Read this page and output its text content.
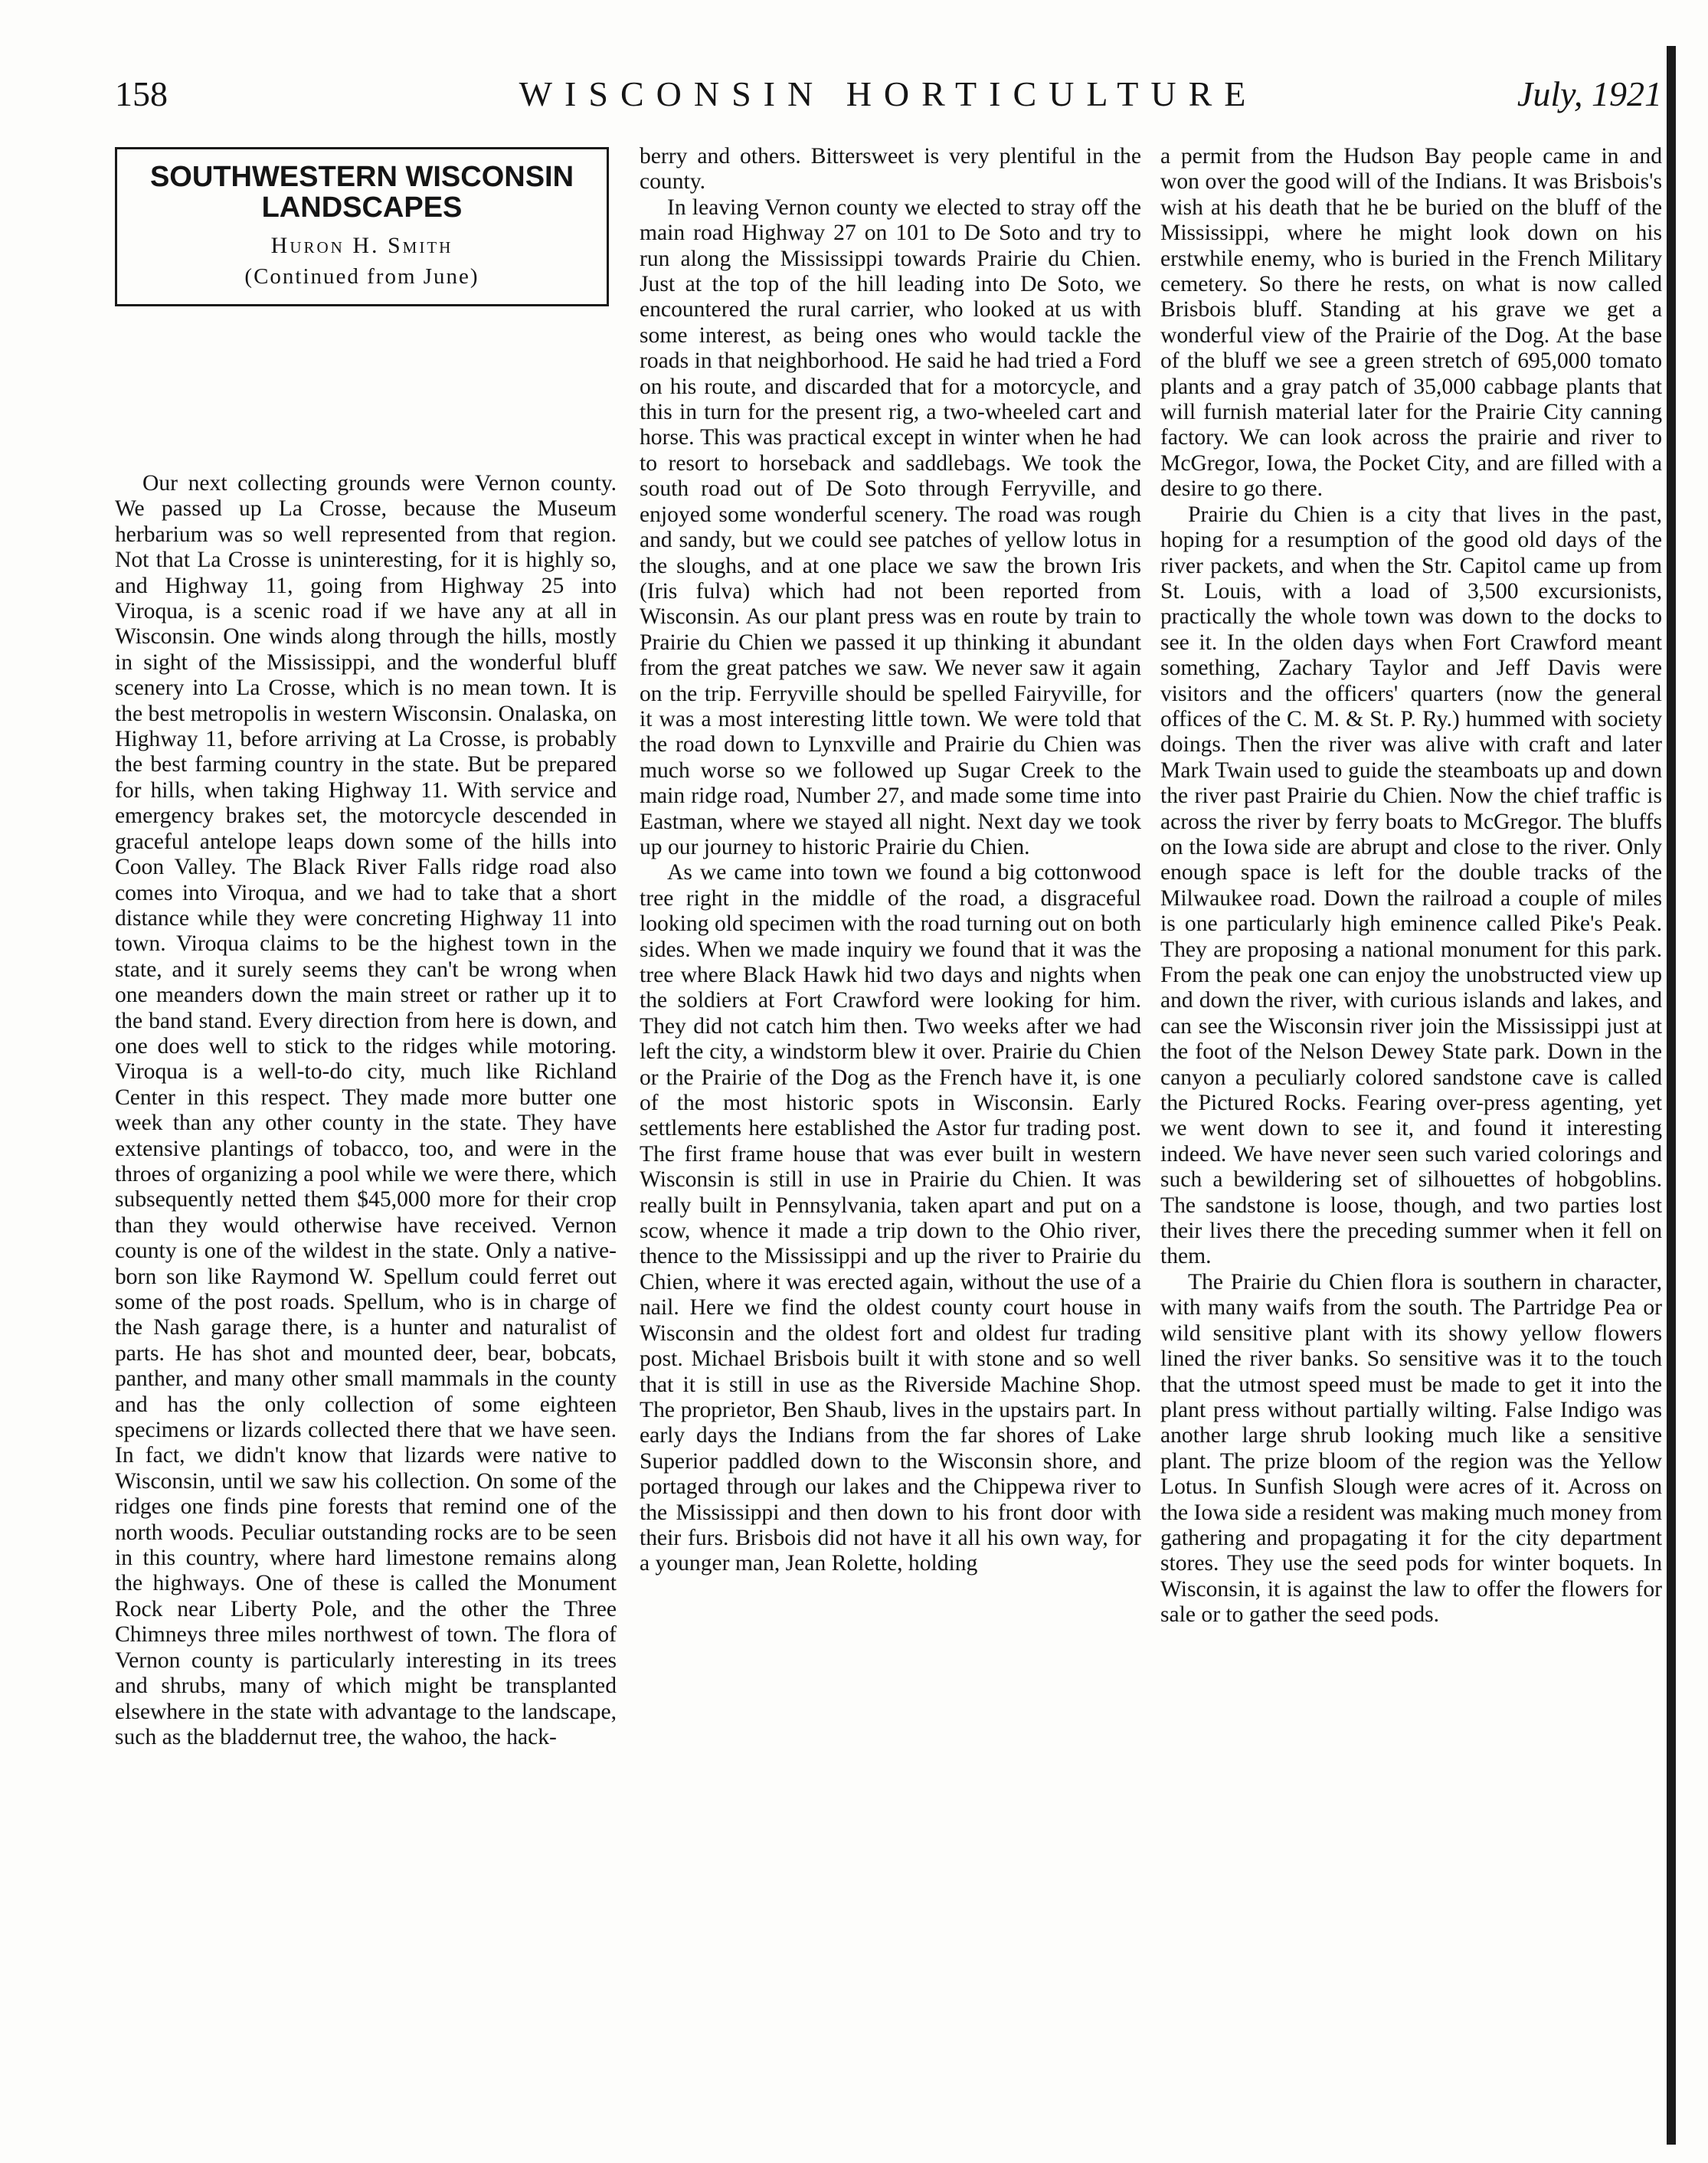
158	WISCONSIN HORTICULTURE	July, 1921
SOUTHWESTERN WISCONSIN LANDSCAPES
Huron H. Smith
(Continued from June)

Our next collecting grounds were Vernon county. We passed up La Crosse, because the Museum herbarium was so well represented from that region. Not that La Crosse is uninteresting, for it is highly so, and Highway 11, going from Highway 25 into Viroqua, is a scenic road if we have any at all in Wisconsin. One winds along through the hills, mostly in sight of the Mississippi, and the wonderful bluff scenery into La Crosse, which is no mean town. It is the best metropolis in western Wisconsin. Onalaska, on Highway 11, before arriving at La Crosse, is probably the best farming country in the state. But be prepared for hills, when taking Highway 11. With service and emergency brakes set, the motorcycle descended in graceful antelope leaps down some of the hills into Coon Valley. The Black River Falls ridge road also comes into Viroqua, and we had to take that a short distance while they were concreting Highway 11 into town. Viroqua claims to be the highest town in the state, and it surely seems they can't be wrong when one meanders down the main street or rather up it to the band stand. Every direction from here is down, and one does well to stick to the ridges while motoring. Viroqua is a well-to-do city, much like Richland Center in this respect. They made more butter one week than any other county in the state. They have extensive plantings of tobacco, too, and were in the throes of organizing a pool while we were there, which subsequently netted them $45,000 more for their crop than they would otherwise have received. Vernon county is one of the wildest in the state. Only a native-born son like Raymond W. Spellum could ferret out some of the post roads. Spellum, who is in charge of the Nash garage there, is a hunter and naturalist of parts. He has shot and mounted deer, bear, bobcats, panther, and many other small mammals in the county and has the only collection of some eighteen specimens or lizards collected there that we have seen. In fact, we didn't know that lizards were native to Wisconsin, until we saw his collection. On some of the ridges one finds pine forests that remind one of the north woods. Peculiar outstanding rocks are to be seen in this country, where hard limestone remains along the highways. One of these is called the Monument Rock near Liberty Pole, and the other the Three Chimneys three miles northwest of town. The flora of Vernon county is particularly interesting in its trees and shrubs, many of which might be transplanted elsewhere in the state with advantage to the landscape, such as the bladdernut tree, the wahoo, the hack-

berry and others. Bittersweet is very plentiful in the county.

In leaving Vernon county we elected to stray off the main road Highway 27 on 101 to De Soto and try to run along the Mississippi towards Prairie du Chien. Just at the top of the hill leading into De Soto, we encountered the rural carrier, who looked at us with some interest, as being ones who would tackle the roads in that neighborhood. He said he had tried a Ford on his route, and discarded that for a motorcycle, and this in turn for the present rig, a two-wheeled cart and horse. This was practical except in winter when he had to resort to horseback and saddlebags. We took the south road out of De Soto through Ferryville, and enjoyed some wonderful scenery. The road was rough and sandy, but we could see patches of yellow lotus in the sloughs, and at one place we saw the brown Iris (Iris fulva) which had not been reported from Wisconsin. As our plant press was en route by train to Prairie du Chien we passed it up thinking it abundant from the great patches we saw. We never saw it again on the trip. Ferryville should be spelled Fairyville, for it was a most interesting little town. We were told that the road down to Lynxville and Prairie du Chien was much worse so we followed up Sugar Creek to the main ridge road, Number 27, and made some time into Eastman, where we stayed all night. Next day we took up our journey to historic Prairie du Chien.

As we came into town we found a big cottonwood tree right in the middle of the road, a disgraceful looking old specimen with the road turning out on both sides. When we made inquiry we found that it was the tree where Black Hawk hid two days and nights when the soldiers at Fort Crawford were looking for him. They did not catch him then. Two weeks after we had left the city, a windstorm blew it over. Prairie du Chien or the Prairie of the Dog as the French have it, is one of the most historic spots in Wisconsin. Early settlements here established the Astor fur trading post. The first frame house that was ever built in western Wisconsin is still in use in Prairie du Chien. It was really built in Pennsylvania, taken apart and put on a scow, whence it made a trip down to the Ohio river, thence to the Mississippi and up the river to Prairie du Chien, where it was erected again, without the use of a nail. Here we find the oldest county court house in Wisconsin and the oldest fort and oldest fur trading post. Michael Brisbois built it with stone and so well that it is still in use as the Riverside Machine Shop. The proprietor, Ben Shaub, lives in the upstairs part. In early days the Indians from the far shores of Lake Superior paddled down to the Wisconsin shore, and portaged through our lakes and the Chippewa river to the Mississippi and then down to his front door with their furs. Brisbois did not have it all his own way, for a younger man, Jean Rolette, holding

a permit from the Hudson Bay people came in and won over the good will of the Indians. It was Brisbois's wish at his death that he be buried on the bluff of the Mississippi, where he might look down on his erstwhile enemy, who is buried in the French Military cemetery. So there he rests, on what is now called Brisbois bluff. Standing at his grave we get a wonderful view of the Prairie of the Dog. At the base of the bluff we see a green stretch of 695,000 tomato plants and a gray patch of 35,000 cabbage plants that will furnish material later for the Prairie City canning factory. We can look across the prairie and river to McGregor, Iowa, the Pocket City, and are filled with a desire to go there.

Prairie du Chien is a city that lives in the past, hoping for a resumption of the good old days of the river packets, and when the Str. Capitol came up from St. Louis, with a load of 3,500 excursionists, practically the whole town was down to the docks to see it. In the olden days when Fort Crawford meant something, Zachary Taylor and Jeff Davis were visitors and the officers' quarters (now the general offices of the C. M. & St. P. Ry.) hummed with society doings. Then the river was alive with craft and later Mark Twain used to guide the steamboats up and down the river past Prairie du Chien. Now the chief traffic is across the river by ferry boats to McGregor. The bluffs on the Iowa side are abrupt and close to the river. Only enough space is left for the double tracks of the Milwaukee road. Down the railroad a couple of miles is one particularly high eminence called Pike's Peak. They are proposing a national monument for this park. From the peak one can enjoy the unobstructed view up and down the river, with curious islands and lakes, and can see the Wisconsin river join the Mississippi just at the foot of the Nelson Dewey State park. Down in the canyon a peculiarly colored sandstone cave is called the Pictured Rocks. Fearing over-press agenting, yet we went down to see it, and found it interesting indeed. We have never seen such varied colorings and such a bewildering set of silhouettes of hobgoblins. The sandstone is loose, though, and two parties lost their lives there the preceding summer when it fell on them.

The Prairie du Chien flora is southern in character, with many waifs from the south. The Partridge Pea or wild sensitive plant with its showy yellow flowers lined the river banks. So sensitive was it to the touch that the utmost speed must be made to get it into the plant press without partially wilting. False Indigo was another large shrub looking much like a sensitive plant. The prize bloom of the region was the Yellow Lotus. In Sunfish Slough were acres of it. Across on the Iowa side a resident was making much money from gathering and propagating it for the city department stores. They use the seed pods for winter boquets. In Wisconsin, it is against the law to offer the flowers for sale or to gather the seed pods.
